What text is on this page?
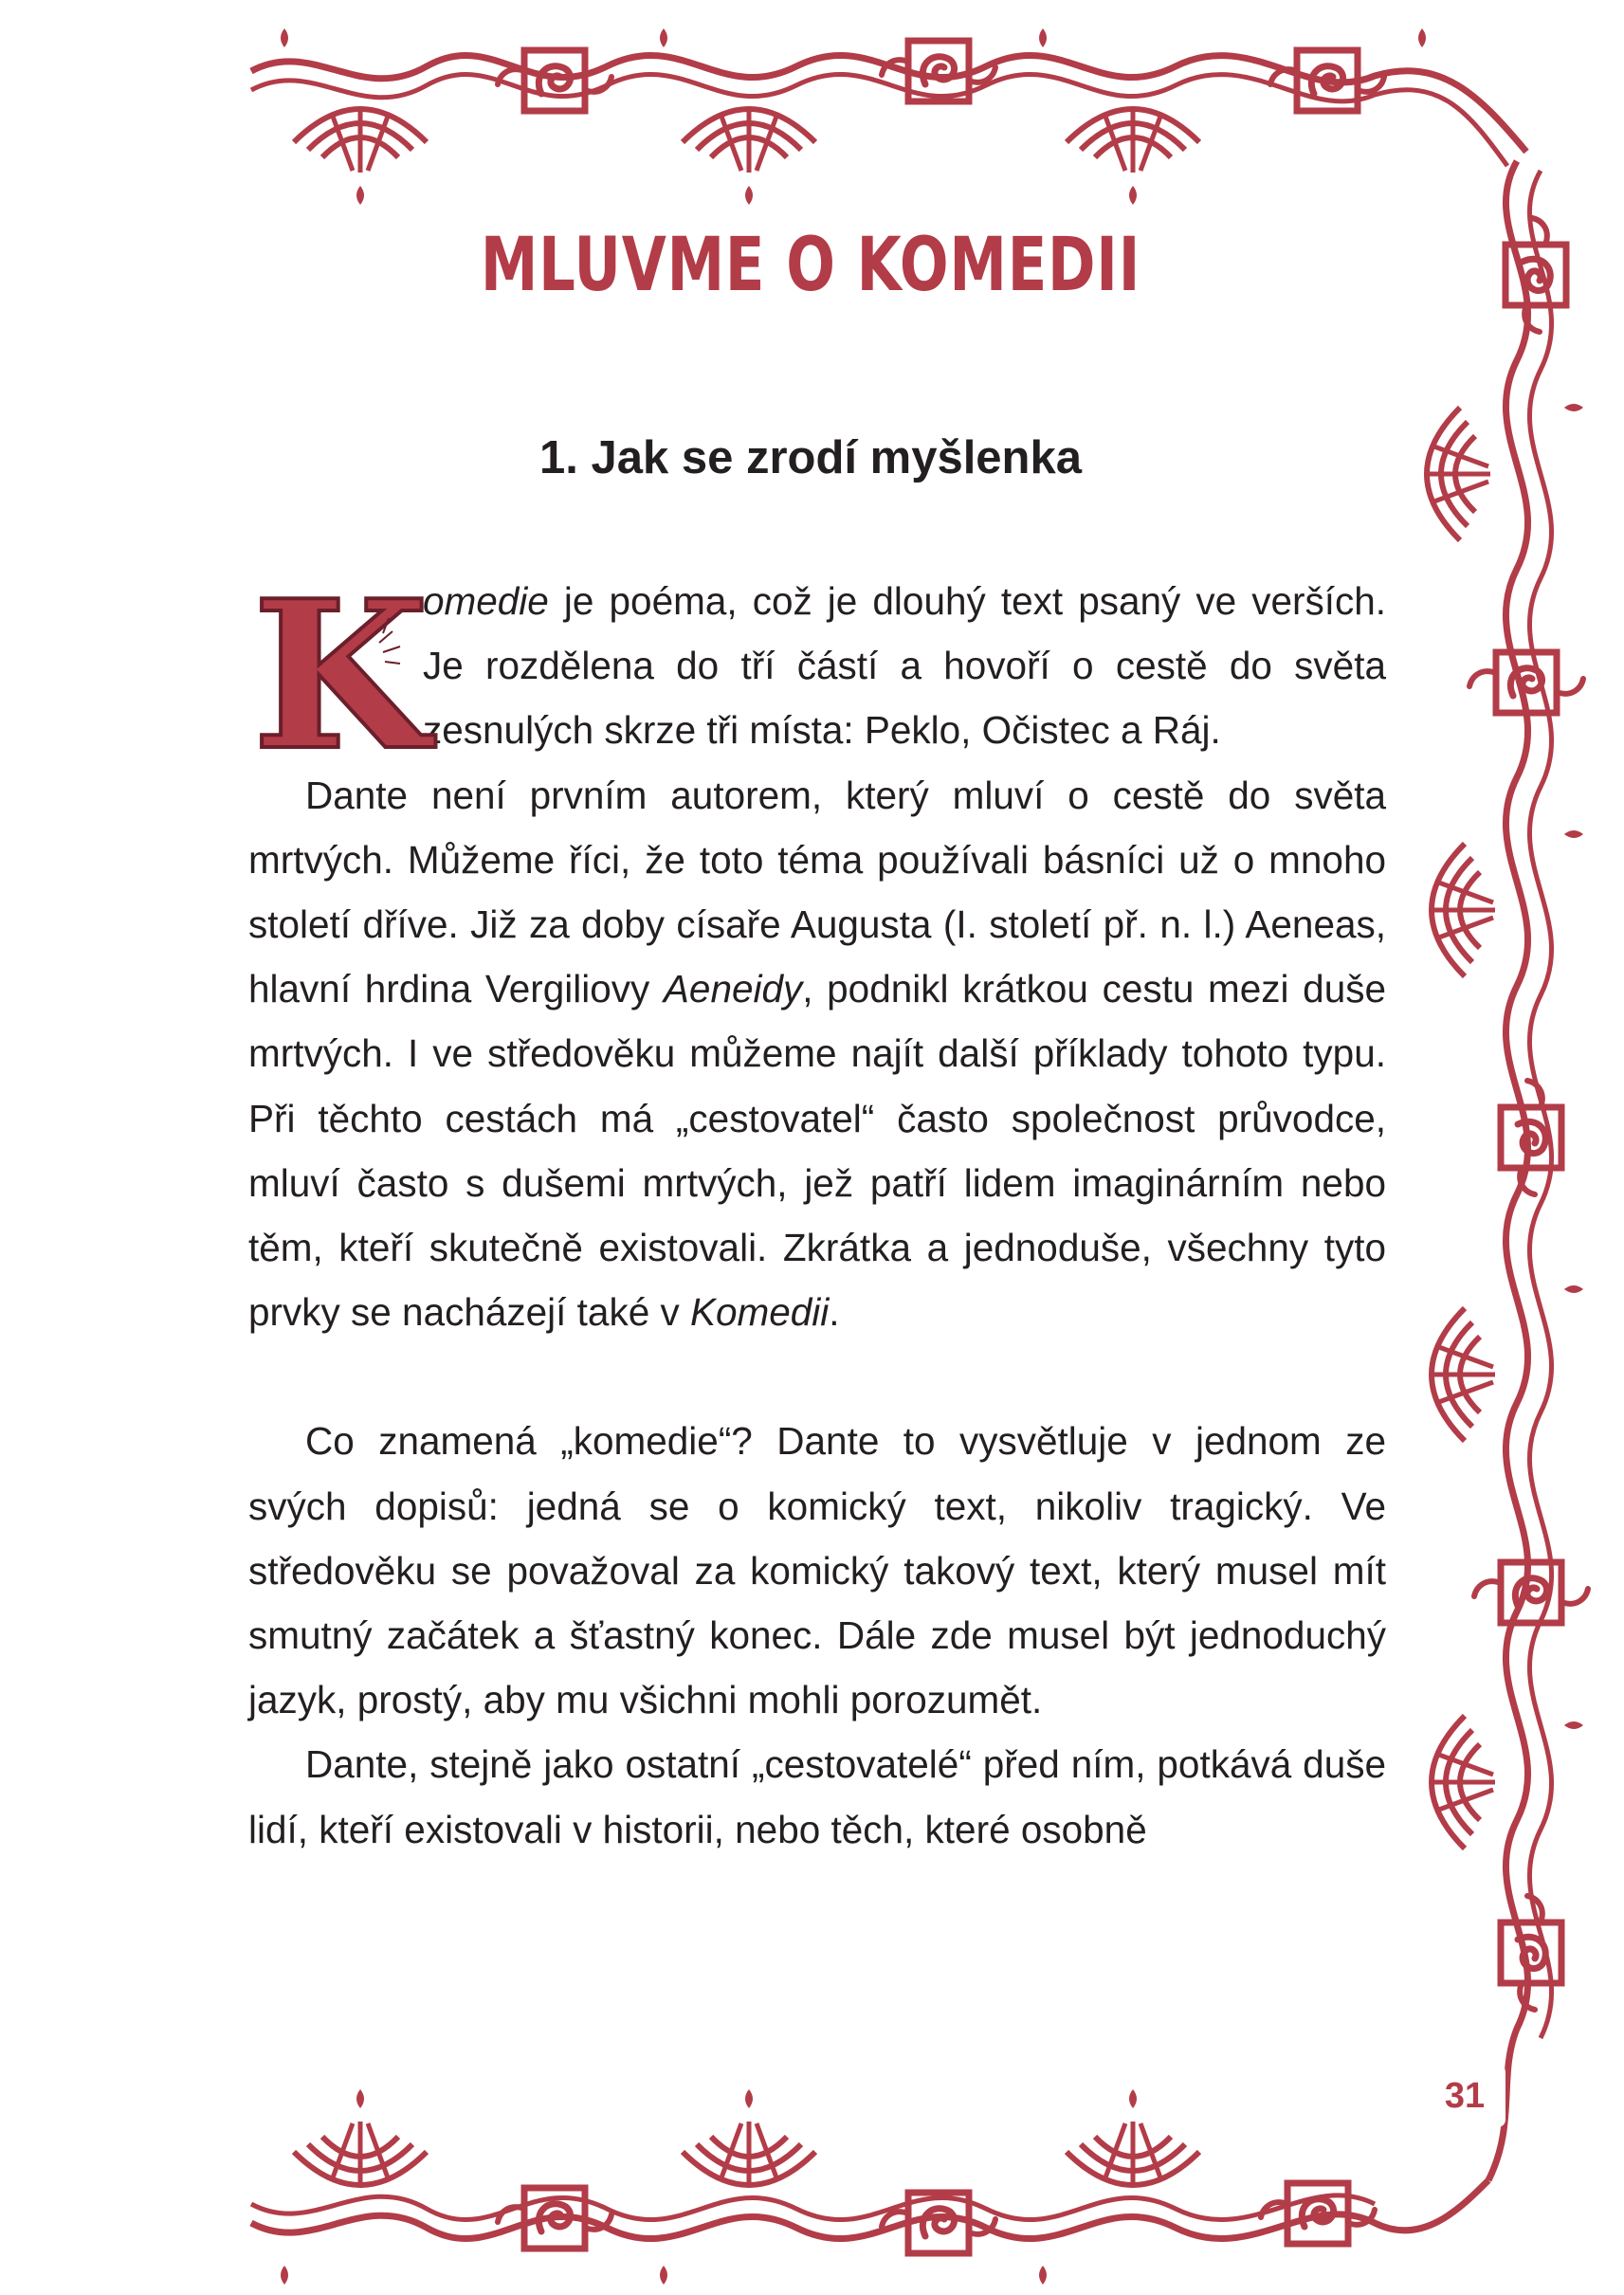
MLUVME O KOMEDII
1. Jak se zrodí myšlenka
K

omedie je poéma, což je dlouhý text psaný ve verších. Je rozdělena do tří částí a hovoří o cestě do světa zesnulých skrze tři místa: Peklo, Očistec a Ráj.

Dante není prvním autorem, který mluví o cestě do světa mrtvých. Můžeme říci, že toto téma používali básníci už o mnoho století dříve. Již za doby císaře Augusta (I. století př. n. l.) Aeneas, hlavní hrdina Vergiliovy Aeneidy, podnikl krátkou cestu mezi duše mrtvých. I ve středověku můžeme najít další příklady tohoto typu. Při těchto cestách má „cestovatel“ často společnost průvodce, mluví často s dušemi mrtvých, jež patří lidem imaginárním nebo těm, kteří skutečně existovali. Zkrátka a jednoduše, všechny tyto prvky se nacházejí také v Komedii.

Co znamená „komedie“? Dante to vysvětluje v jednom ze svých dopisů: jedná se o komický text, nikoliv tragický. Ve středověku se považoval za komický takový text, který musel mít smutný začátek a šťastný konec. Dále zde musel být jednoduchý jazyk, prostý, aby mu všichni mohli porozumět.

Dante, stejně jako ostatní „cestovatelé“ před ním, potkává duše lidí, kteří existovali v historii, nebo těch, které osobně

31
